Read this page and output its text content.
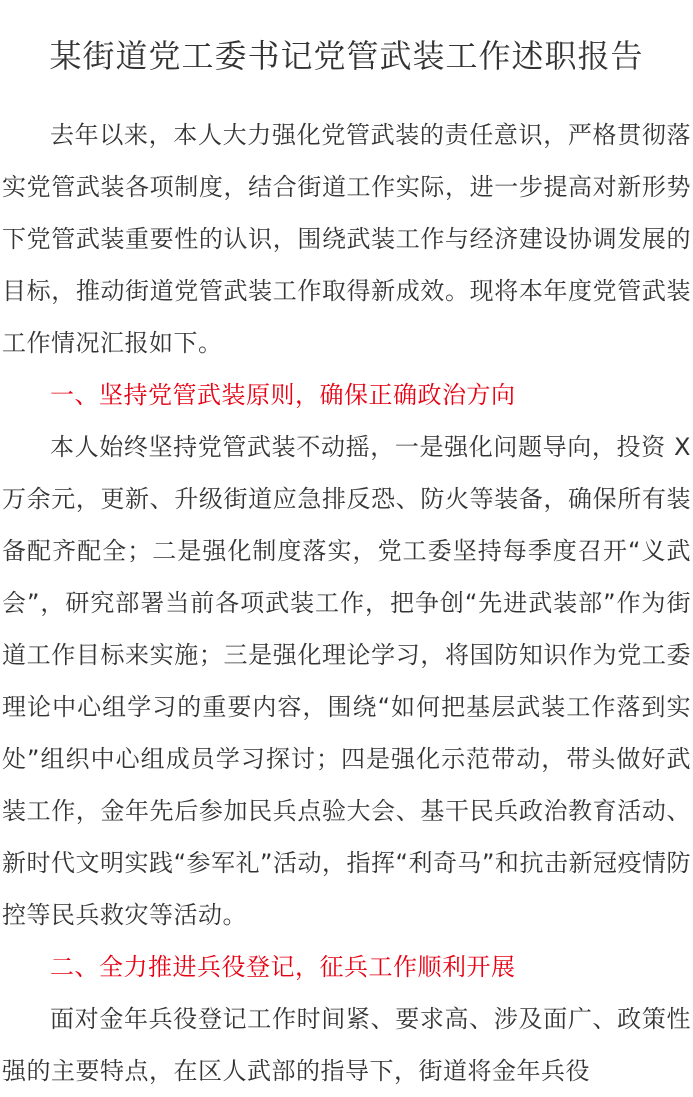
某街道党工委书记党管武装工作述职报告

去年以来，本人大力强化党管武装的责任意识，严格贯彻落实党管武装各项制度，结合街道工作实际，进一步提高对新形势下党管武装重要性的认识，围绕武装工作与经济建设协调发展的目标，推动街道党管武装工作取得新成效。现将本年度党管武装工作情况汇报如下。

一、坚持党管武装原则，确保正确政治方向

本人始终坚持党管武装不动摇，一是强化问题导向，投资 X 万余元，更新、升级街道应急排反恐、防火等装备，确保所有装备配齐配全；二是强化制度落实，党工委坚持每季度召开“义武会”，研究部署当前各项武装工作，把争创“先进武装部”作为街道工作目标来实施；三是强化理论学习，将国防知识作为党工委理论中心组学习的重要内容，围绕“如何把基层武装工作落到实处”组织中心组成员学习探讨；四是强化示范带动，带头做好武装工作，金年先后参加民兵点验大会、基干民兵政治教育活动、新时代文明实践“参军礼”活动，指挥“利奇马”和抗击新冠疫情防控等民兵救灾等活动。

二、全力推进兵役登记，征兵工作顺利开展

面对金年兵役登记工作时间紧、要求高、涉及面广、政策性强的主要特点，在区人武部的指导下，街道将金年兵役
